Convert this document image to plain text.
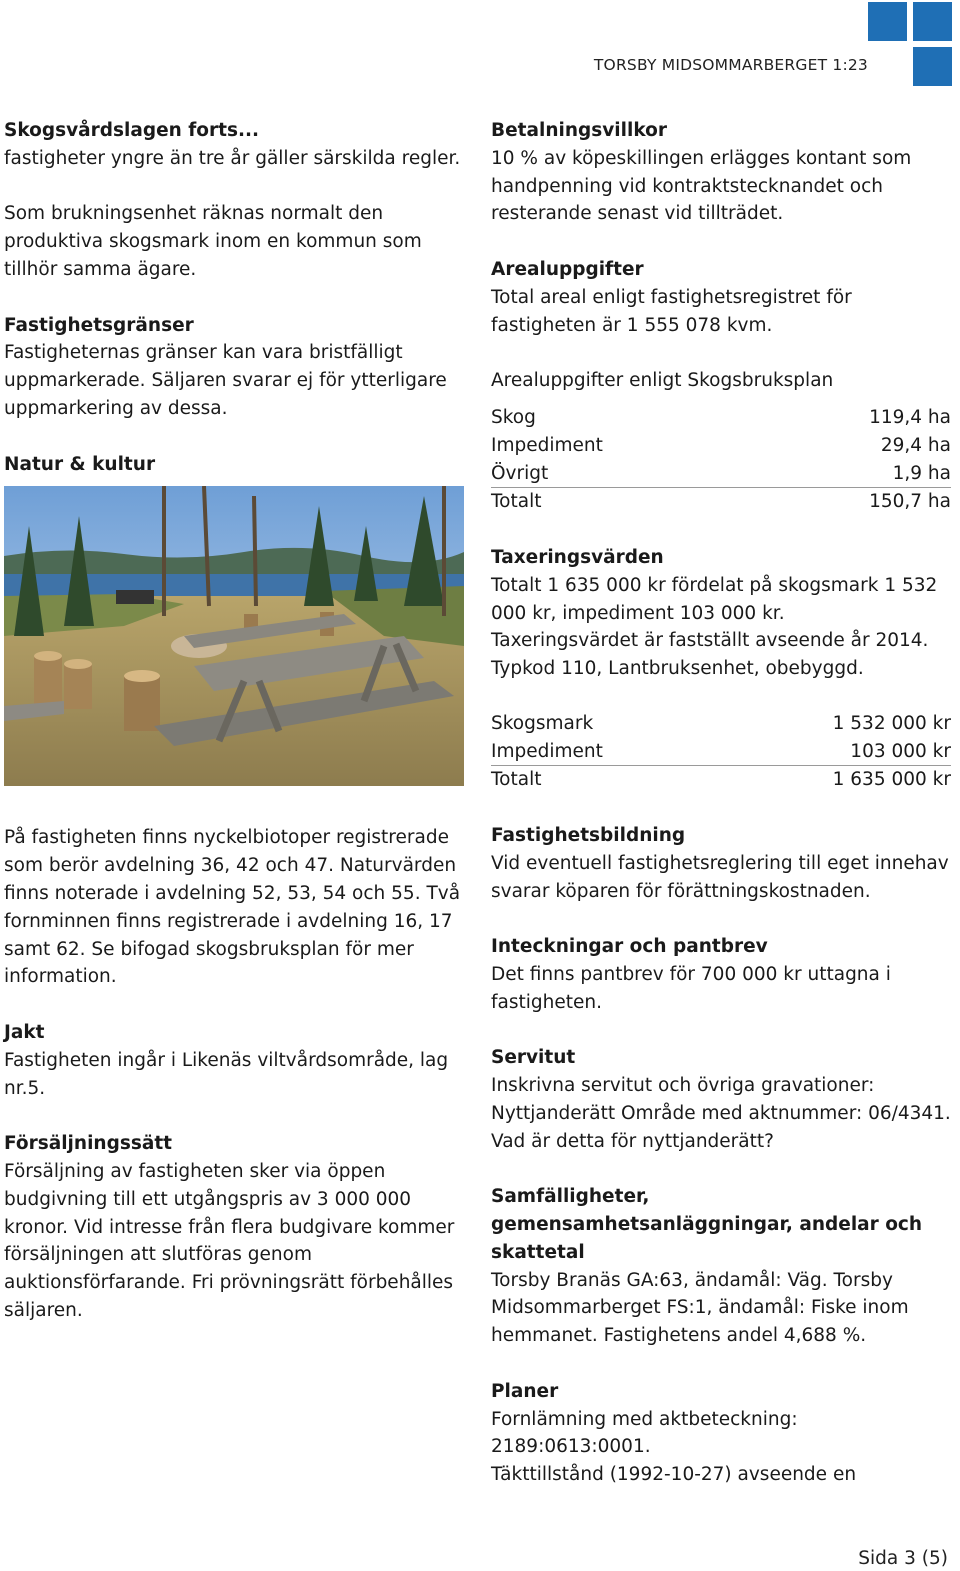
TORSBY MIDSOMMARBERGET 1:23
Skogsvårdslagen forts...
fastigheter yngre än tre år gäller särskilda regler.
Som brukningsenhet räknas normalt den produktiva skogsmark inom en kommun som tillhör samma ägare.
Fastighetsgränser
Fastigheternas gränser kan vara bristfälligt uppmarkerade. Säljaren svarar ej för ytterligare uppmarkering av dessa.
Natur & kultur
På fastigheten finns nyckelbiotoper registrerade som berör avdelning 36, 42 och 47. Naturvärden finns noterade i avdelning 52, 53, 54 och 55. Två fornminnen finns registrerade i avdelning 16, 17 samt 62. Se bifogad skogsbruksplan för mer information.
Jakt
Fastigheten ingår i Likenäs viltvårdsområde, lag nr.5.
Försäljningssätt
Försäljning av fastigheten sker via öppen budgivning till ett utgångspris av 3 000 000 kronor. Vid intresse från flera budgivare kommer försäljningen att slutföras genom auktionsförfarande. Fri prövningsrätt förbehålles säljaren.
Betalningsvillkor
10 % av köpeskillingen erlägges kontant som handpenning vid kontraktstecknandet och resterande senast vid tillträdet.
Arealuppgifter
Total areal enligt fastighetsregistret för fastigheten är 1 555 078 kvm.
Arealuppgifter enligt Skogsbruksplan
Skog	119,4 ha
Impediment	29,4 ha
Övrigt	1,9 ha
Totalt	150,7 ha
Taxeringsvärden
Totalt 1 635 000 kr fördelat på skogsmark 1 532 000 kr, impediment 103 000 kr.
Taxeringsvärdet är fastställt avseende år 2014.
Typkod 110, Lantbruksenhet, obebyggd.
Skogsmark	1 532 000 kr
Impediment	103 000 kr
Totalt	1 635 000 kr
Fastighetsbildning
Vid eventuell fastighetsreglering till eget innehav svarar köparen för förättningskostnaden.
Inteckningar och pantbrev
Det finns pantbrev för 700 000 kr uttagna i fastigheten.
Servitut
Inskrivna servitut och övriga gravationer:
Nyttjanderätt Område med aktnummer: 06/4341. Vad är detta för nyttjanderätt?
Samfälligheter, gemensamhetsanläggningar, andelar och skattetal
Torsby Branäs GA:63, ändamål: Väg. Torsby Midsommarberget FS:1, ändamål: Fiske inom hemmanet. Fastighetens andel 4,688 %.
Planer
Fornlämning med aktbeteckning: 2189:0613:0001.
Täkttillstånd (1992-10-27) avseende en
Sida 3 (5)
